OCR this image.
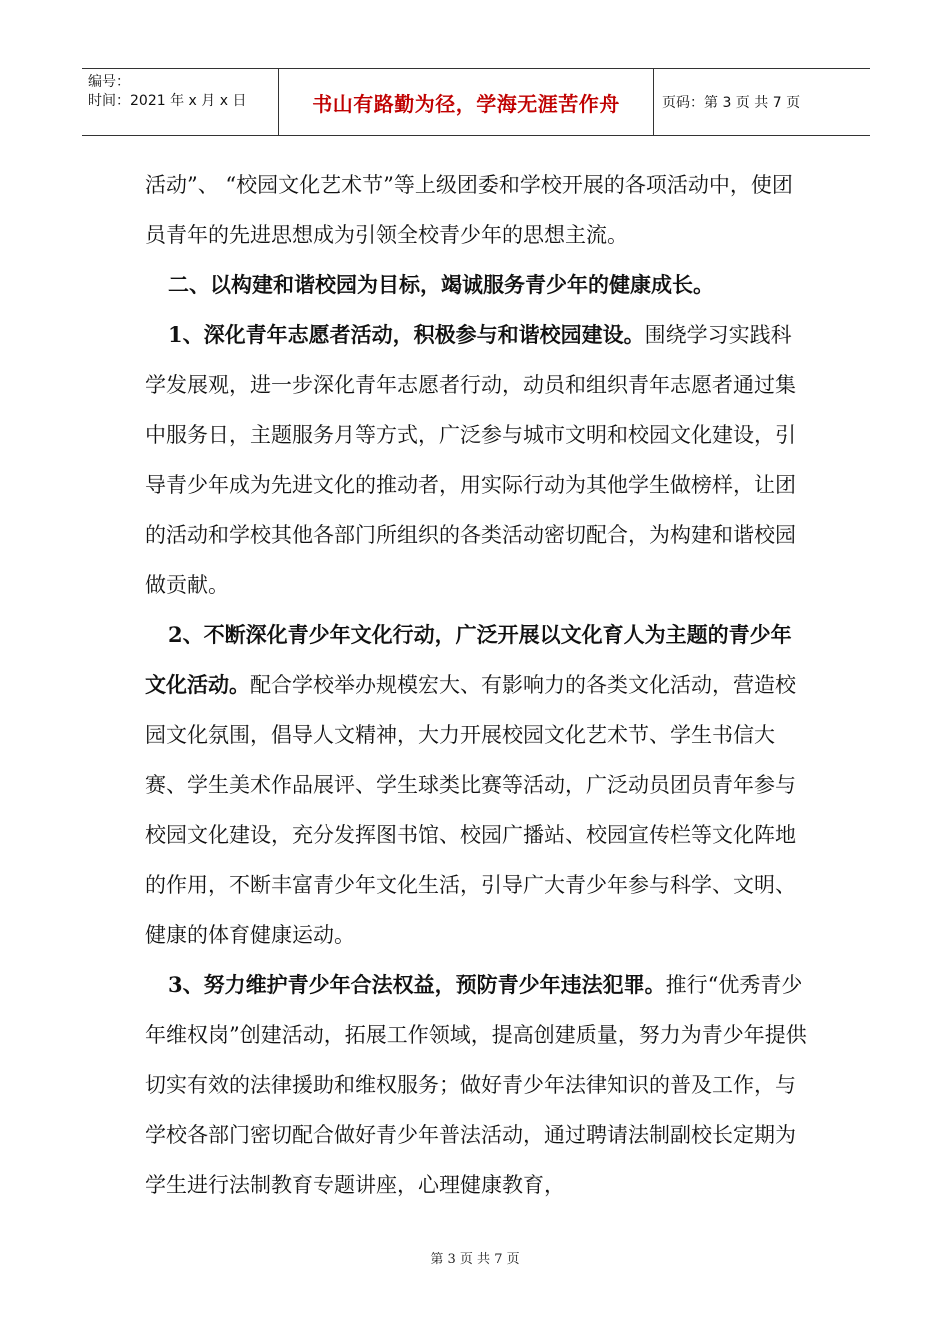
编号：
时间：2021 年 x 月 x 日	书山有路勤为径，学海无涯苦作舟	页码：第 3 页 共 7 页

活动”、 “校园文化艺术节”等上级团委和学校开展的各项活动中，使团员青年的先进思想成为引领全校青少年的思想主流。

二、以构建和谐校园为目标，竭诚服务青少年的健康成长。

1、深化青年志愿者活动，积极参与和谐校园建设。围绕学习实践科学发展观，进一步深化青年志愿者行动，动员和组织青年志愿者通过集中服务日，主题服务月等方式，广泛参与城市文明和校园文化建设，引导青少年成为先进文化的推动者，用实际行动为其他学生做榜样，让团的活动和学校其他各部门所组织的各类活动密切配合，为构建和谐校园做贡献。

2、不断深化青少年文化行动，广泛开展以文化育人为主题的青少年文化活动。配合学校举办规模宏大、有影响力的各类文化活动，营造校园文化氛围，倡导人文精神，大力开展校园文化艺术节、学生书信大赛、学生美术作品展评、学生球类比赛等活动，广泛动员团员青年参与校园文化建设，充分发挥图书馆、校园广播站、校园宣传栏等文化阵地的作用，不断丰富青少年文化生活，引导广大青少年参与科学、文明、健康的体育健康运动。

3、努力维护青少年合法权益，预防青少年违法犯罪。推行“优秀青少年维权岗”创建活动，拓展工作领域，提高创建质量，努力为青少年提供切实有效的法律援助和维权服务；做好青少年法律知识的普及工作，与学校各部门密切配合做好青少年普法活动，通过聘请法制副校长定期为学生进行法制教育专题讲座，心理健康教育，

第 3 页 共 7 页
